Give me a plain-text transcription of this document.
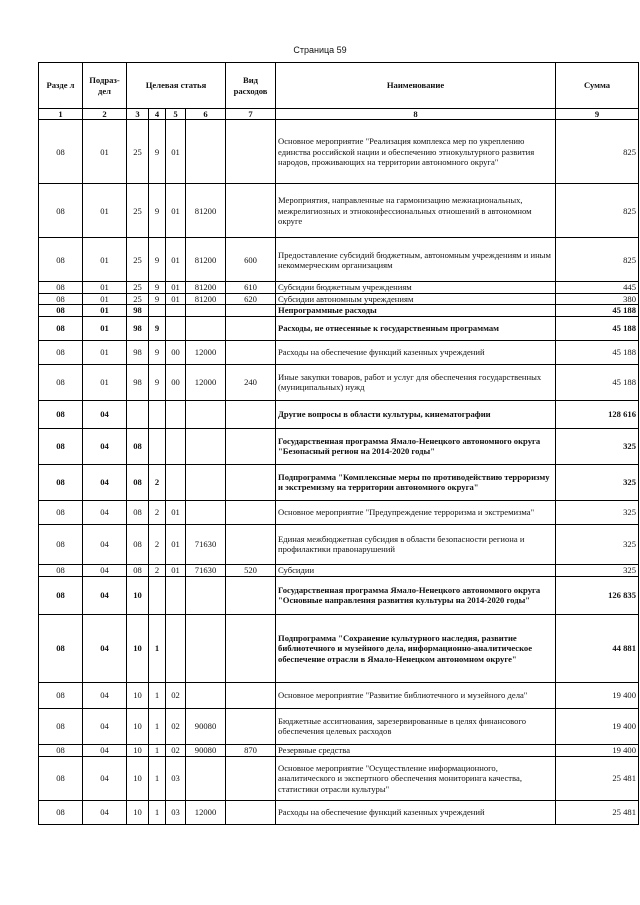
Страница 59
Разде л	Подраз- дел	Целевая статья				Вид расходов	Наименование	Сумма
1	2	3	4	5	6	7	8	9
08	01	25	9	01			Основное мероприятие "Реализация комплекса мер по укреплению единства российской нации и обеспечению этнокультурного развития народов, проживающих на территории автономного округа"	825
08	01	25	9	01	81200		Мероприятия, направленные на гармонизацию межнациональных, межрелигиозных и этноконфессиональных отношений в автономном округе	825
08	01	25	9	01	81200	600	Предоставление субсидий бюджетным, автономным учреждениям и иным некоммерческим организациям	825
08	01	25	9	01	81200	610	Субсидии бюджетным учреждениям	445
08	01	25	9	01	81200	620	Субсидии автономным учреждениям	380
08	01	98					Непрограммные расходы	45 188
08	01	98	9				Расходы, не отнесенные к государственным программам	45 188
08	01	98	9	00	12000		Расходы на обеспечение функций казенных учреждений	45 188
08	01	98	9	00	12000	240	Иные закупки товаров, работ и услуг для обеспечения государственных (муниципальных) нужд	45 188
08	04						Другие вопросы в области культуры, кинематографии	128 616
08	04	08					Государственная программа Ямало-Ненецкого автономного округа "Безопасный регион на 2014-2020 годы"	325
08	04	08	2				Подпрограмма "Комплексные меры по противодействию терроризму и экстремизму на территории автономного округа"	325
08	04	08	2	01			Основное мероприятие "Предупреждение терроризма и экстремизма"	325
08	04	08	2	01	71630		Единая межбюджетная субсидия в области безопасности региона и профилактики правонарушений	325
08	04	08	2	01	71630	520	Субсидии	325
08	04	10					Государственная программа Ямало-Ненецкого автономного округа "Основные направления развития культуры на 2014-2020 годы"	126 835
08	04	10	1				Подпрограмма "Сохранение культурного наследия, развитие библиотечного и музейного дела, информационно-аналитическое обеспечение отрасли в Ямало-Ненецком автономном округе"	44 881
08	04	10	1	02			Основное мероприятие "Развитие библиотечного и музейного дела"	19 400
08	04	10	1	02	90080		Бюджетные ассигнования, зарезервированные в целях финансового обеспечения целевых расходов	19 400
08	04	10	1	02	90080	870	Резервные средства	19 400
08	04	10	1	03			Основное мероприятие "Осуществление информационного, аналитического и экспертного обеспечения мониторинга качества, статистики отрасли культуры"	25 481
08	04	10	1	03	12000		Расходы на обеспечение функций казенных учреждений	25 481
